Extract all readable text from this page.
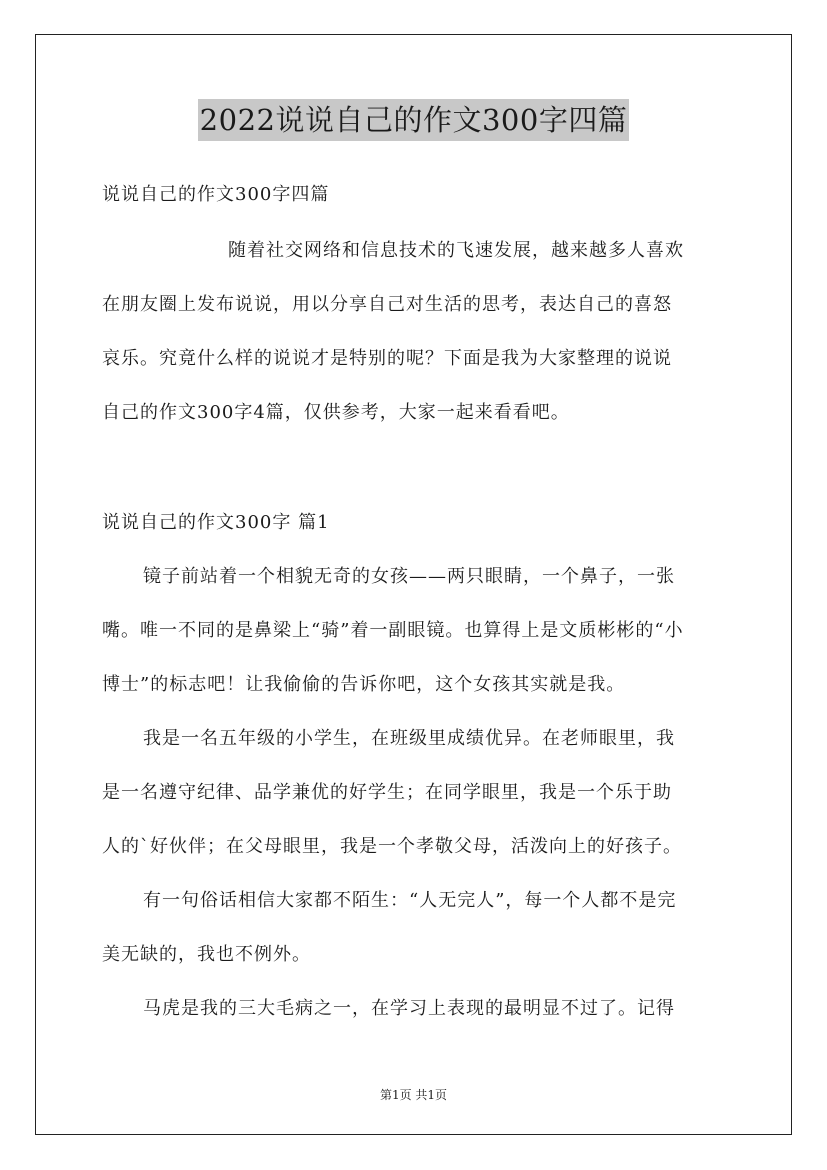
2022说说自己的作文300字四篇
说说自己的作文300字四篇
随着社交网络和信息技术的飞速发展，越来越多人喜欢
在朋友圈上发布说说，用以分享自己对生活的思考，表达自己的喜怒
哀乐。究竟什么样的说说才是特别的呢？下面是我为大家整理的说说
自己的作文300字4篇，仅供参考，大家一起来看看吧。
说说自己的作文300字 篇1
镜子前站着一个相貌无奇的女孩——两只眼睛，一个鼻子，一张
嘴。唯一不同的是鼻梁上“骑”着一副眼镜。也算得上是文质彬彬的“小
博士”的标志吧！让我偷偷的告诉你吧，这个女孩其实就是我。
我是一名五年级的小学生，在班级里成绩优异。在老师眼里，我
是一名遵守纪律、品学兼优的好学生；在同学眼里，我是一个乐于助
人的`好伙伴；在父母眼里，我是一个孝敬父母，活泼向上的好孩子。
有一句俗话相信大家都不陌生：“人无完人”，每一个人都不是完
美无缺的，我也不例外。
马虎是我的三大毛病之一，在学习上表现的最明显不过了。记得
第1页 共1页
